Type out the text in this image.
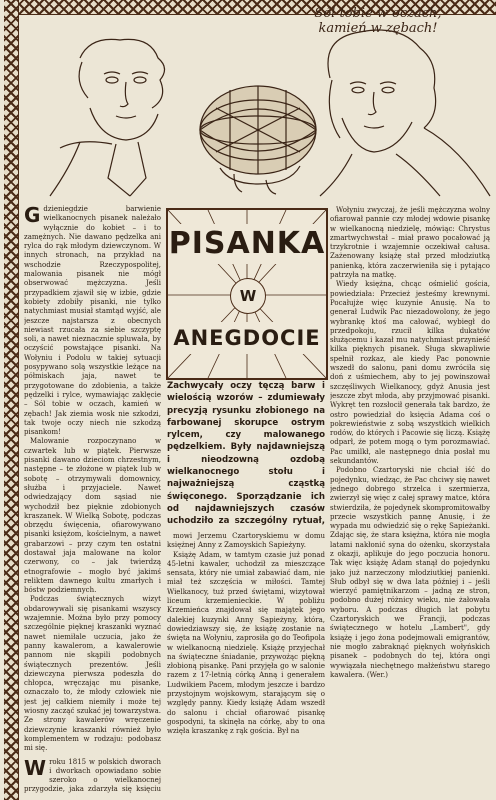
Sól tobie w oczach,
kamień w zębach!
PISANKA
W
ANEGDOCIE
Zachwycały oczy tęczą barw i wielością wzorów – zdumiewały precyzją rysunku złobionego na farbowanej skorupce ostrym rylcem, czy malowanego pędzelkiem. Były najdawniejszą i nieodzowną ozdobą wielkanocnego stołu i najważniejszą cząstką święconego. Sporządzanie ich od najdawniejszych czasów uchodziło za szczególny rytuał,

Gdzieniegdzie barwienie wielkanocnych pisanek należało wyłącznie do kobiet – i to zamężnych. Nie dawano pędzelka ani rylca do rąk młodym dziewczynom. W innych stronach, na przykład na wschodzie Rzeczypospolitej, malowania pisanek nie mógł obserwować mężczyzna. Jeśli przypadkiem zjawił się w izbie, gdzie kobiety zdobiły pisanki, nie tylko natychmiast musiał stamtąd wyjść, ale jeszcze najstarsza z obecnych niewiast rzucała za siebie szczyptę soli, a nawet nieznacznie spluwała, by oczyścić powstające pisanki. Na Wołyniu i Podolu w takiej sytuacji posypywano solą wszystkie leżące na półmiskach jaja, nawet te przygotowane do zdobienia, a także pędzelki i rylce, wymawiając zaklęcie – Sól tobie w oczach, kamień w zębach! Jak ziemia wosk nie szkodzi, tak twoje oczy niech nie szkodzą pisankom!

Malowanie rozpoczynano w czwartek lub w piątek. Pierwsze pisanki dawano dzieciom chrzestnym, następne – te złożone w piątek lub w sobotę – otrzymywali domownicy, służba i przyjaciele. Nawet odwiedzający dom sąsiad nie wychodził bez pięknie zdobionych kraszanek. W Wielką Sobotę, podczas obrzędu święcenia, ofiarowywano pisanki księżom, kościelnym, a nawet grabarzowi – przy czym ten ostatni dostawał jaja malowane na kolor czerwony, co – jak twierdzą etnografowie – mogło być jakimś reliktem dawnego kultu zmarłych i bóstw podziemnych.

Podczas świątecznych wizyt obdarowywali się pisankami wszyscy wzajemnie. Można było przy pomocy szczególnie pięknej kraszanki wyznać nawet niemiłale uczucia, jako że panny kawalerom, a kawalerowie pannom nie skąpili podobnych świątecznych prezentów. Jeśli dziewczyna pierwsza podeszła do chłopca, wręczając mu pisanke, oznaczało to, że młody człowiek nie jest jej całkiem niemiły i może tej wiosny zacząć szukać jej towarzystwa. Ze strony kawalerów wręczenie dziewczynie kraszanki również było komplementem w rodzaju: podobasz mi się.

Wroku 1815 w polskich dworach i dworkach opowiadano sobie szeroko o wielkanocnej przygodzie, jaka zdarzyła się księciu

mowi Jerzemu Czartoryskiemu w domu księżnej Anny z Zamoyskich Sapieżyny.

Książę Adam, w tamtym czasie już ponad 45-letni kawaler, uchodził za mieszczące sensata, który nie umiał zabawiać dam, nie miał też szczęścia w miłości. Tamtej Wielkanocy, tuż przed świętami, wizytował liceum krzemienieckie. W pobliżu Krzemieńca znajdował się majątek jego dalekiej kuzynki Anny Sapieżyny, która, dowiedziawszy się, że książę zostanie na święta na Wołyniu, zaprosiła go do Teofipola w wielkanocną niedzielę. Książę przyjechał na świąteczne śniadanie, przywożąc piękną złobioną pisankę. Pani przyjęła go w salonie razem z 17-letnią córką Anną i generałem Ludwikiem Pacem, młodym jeszcze i bardzo przystojnym wojskowym, starającym się o względy panny. Kiedy książę Adam wszedł do salonu i chciał ofiarować pisankę gospodyni, ta skinęła na córkę, aby to ona wzięła kraszankę z rąk gościa. Był na

Wołyniu zwyczaj, że jeśli mężczyzna wolny ofiarował pannie czy młodej wdowie pisankę w wielkanocną niedzielę, mówiąc: Chrystus zmartwychwstał – miał prawo pocałować ją trzykrotnie i wzajemnie oczekiwał całusa. Zażenowany książę stał przed młodziutką panienką, która zaczerwieniła się i pytająco patrzyła na matkę.

Wiedy księżna, chcąc ośmielić gościa, powiedziała: Przecież jesteśmy krewnymi. Pocałujże więc kuzynie Anusię. Na to generał Ludwik Pac niezadowolony, że jego wybrankę ktoś ma całować, wybiegł do przedpokoju, rzucił kilka dukatów służącemu i kazał mu natychmiast przynieść kilka pięknych pisanek. Sługa skwapliwie spełnił rozkaz, ale kiedy Pac ponownie wszedł do salonu, pani domu zwróciła się doń z uśmiechem, aby to jej powinszował szczęśliwych Wielkanocy, gdyż Anusia jest jeszcze zbyt młoda, aby przyjmować pisanki. Wykręt ten rozsłocił generała tak bardzo, że ostro powiedział do księcia Adama coś o pokrewieństwie z sobą wszystkich wielkich rodów, do których i Pacowie się liczą. Książę odparł, że potem mogą o tym porozmawiać. Pac umilkł, ale następnego dnia posłał mu sekundantów.

Podobno Czartoryski nie chciał iść do pojedynku, wiedząc, że Pac chciwy się nawet jednego dobrego strzelca i szermierza, zwierzył się więc z całej sprawy matce, która stwierdziła, że pojedynek skompromitowałby przecie wszystkich pannę Anusię, i że wypada mu odwiedzić się o rękę Sapieżanki. Zdając się, że stara księżna, która nie mogła latami nakłonić syna do ożenku, skorzystała z okazji, aplikuje do jego poczucia honoru. Tak więc książę Adam stanął do pojedynku jako już narzeczony młodziutkiej panienki. Słub odbył się w dwa lata później i – jeśli wierzyć pamiętnikarzom – jadną ze stron, podobno dużej różnicy wieku, nie żałowała wyboru. A podczas długich lat pobytu Czartoryskich we Francji, podczas świątecznego w hotelu „Lambert", gdy książę i jego żona podejmowali emigrantów, nie mogło zabraknąć pięknych wołyńskich pisanek – podobnych do tej, która ongi wywiązała niechętnego małżeństwu starego kawalera. (Wer.)
